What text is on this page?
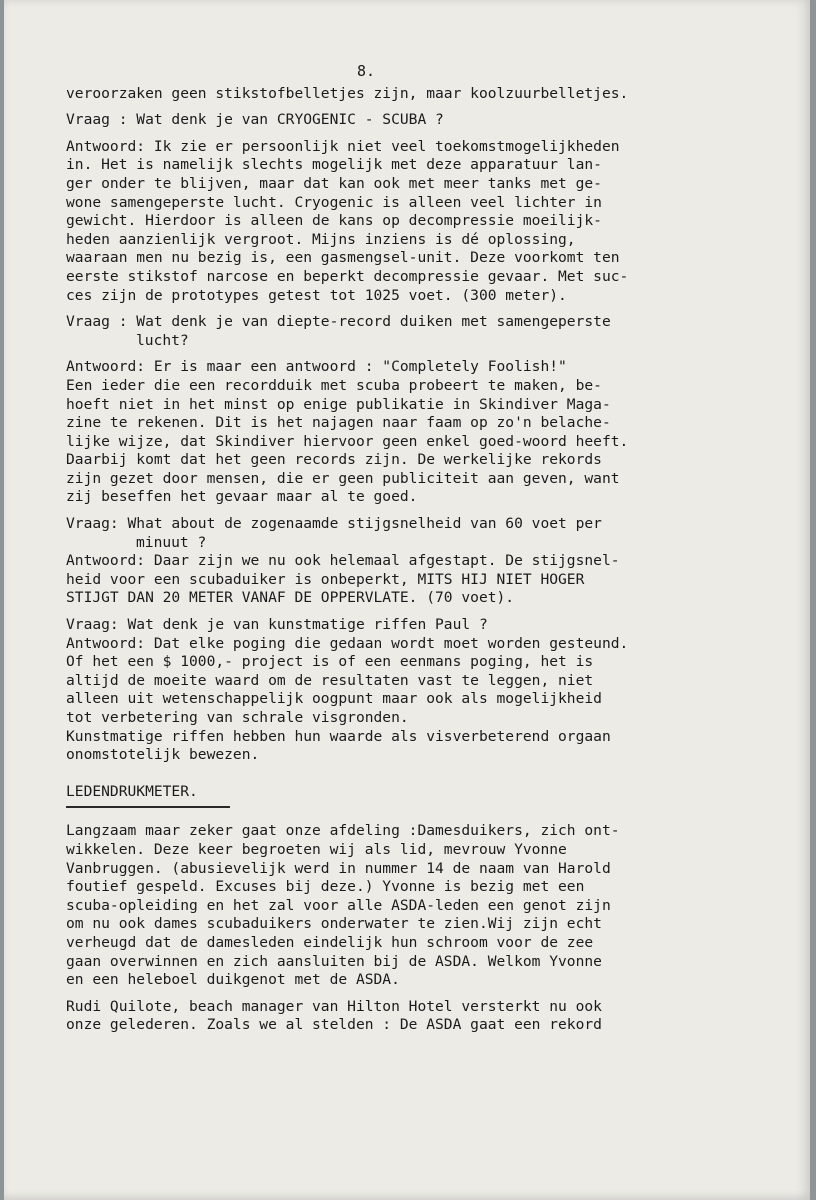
8.
veroorzaken geen stikstofbelletjes zijn, maar koolzuurbelletjes.
Vraag : Wat denk je van CRYOGENIC - SCUBA ?
Antwoord: Ik zie er persoonlijk niet veel toekomstmogelijkheden
in. Het is namelijk slechts mogelijk met deze apparatuur lan-
ger onder te blijven, maar dat kan ook met meer tanks met ge-
wone samengeperste lucht. Cryogenic is alleen veel lichter in
gewicht. Hierdoor is alleen de kans op decompressie moeilijk-
heden aanzienlijk vergroot. Mijns inziens is dé oplossing,
waaraan men nu bezig is, een gasmengsel-unit. Deze voorkomt ten
eerste stikstof narcose en beperkt decompressie gevaar. Met suc-
ces zijn de prototypes getest tot 1025 voet. (300 meter).
Vraag : Wat denk je van diepte-record duiken met samengeperste
lucht?
Antwoord: Er is maar een antwoord : "Completely Foolish!"
Een ieder die een recordduik met scuba probeert te maken, be-
hoeft niet in het minst op enige publikatie in Skindiver Maga-
zine te rekenen. Dit is het najagen naar faam op zo'n belache-
lijke wijze, dat Skindiver hiervoor geen enkel goed-woord heeft.
Daarbij komt dat het geen records zijn. De werkelijke rekords
zijn gezet door mensen, die er geen publiciteit aan geven, want
zij beseffen het gevaar maar al te goed.
Vraag: What about de zogenaamde stijgsnelheid van 60 voet per
minuut ?
Antwoord: Daar zijn we nu ook helemaal afgestapt. De stijgsnel-
heid voor een scubaduiker is onbeperkt, MITS HIJ NIET HOGER
STIJGT DAN 20 METER VANAF DE OPPERVLATE. (70 voet).
Vraag: Wat denk je van kunstmatige riffen Paul ?
Antwoord: Dat elke poging die gedaan wordt moet worden gesteund.
Of het een $ 1000,- project is of een eenmans poging, het is
altijd de moeite waard om de resultaten vast te leggen, niet
alleen uit wetenschappelijk oogpunt maar ook als mogelijkheid
tot verbetering van schrale visgronden.
Kunstmatige riffen hebben hun waarde als visverbeterend orgaan
onomstotelijk bewezen.
LEDENDRUKMETER.
Langzaam maar zeker gaat onze afdeling :Damesduikers, zich ont-
wikkelen. Deze keer begroeten wij als lid, mevrouw Yvonne
Vanbruggen. (abusievelijk werd in nummer 14 de naam van Harold
foutief gespeld. Excuses bij deze.) Yvonne is bezig met een
scuba-opleiding en het zal voor alle ASDA-leden een genot zijn
om nu ook dames scubaduikers onderwater te zien.Wij zijn echt
verheugd dat de damesleden eindelijk hun schroom voor de zee
gaan overwinnen en zich aansluiten bij de ASDA. Welkom Yvonne
en een heleboel duikgenot met de ASDA.
Rudi Quilote, beach manager van Hilton Hotel versterkt nu ook
onze gelederen. Zoals we al stelden : De ASDA gaat een rekord
